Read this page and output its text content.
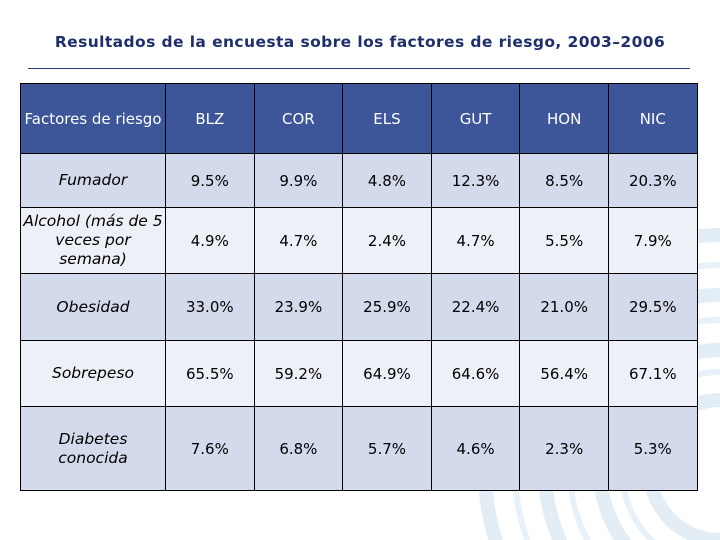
Resultados de la encuesta sobre los factores de riesgo, 2003–2006
Factores de riesgo	BLZ	COR	ELS	GUT	HON	NIC
Fumador	9.5%	9.9%	4.8%	12.3%	8.5%	20.3%
Alcohol (más de 5 veces por semana)	4.9%	4.7%	2.4%	4.7%	5.5%	7.9%
Obesidad	33.0%	23.9%	25.9%	22.4%	21.0%	29.5%
Sobrepeso	65.5%	59.2%	64.9%	64.6%	56.4%	67.1%
Diabetes conocida	7.6%	6.8%	5.7%	4.6%	2.3%	5.3%
